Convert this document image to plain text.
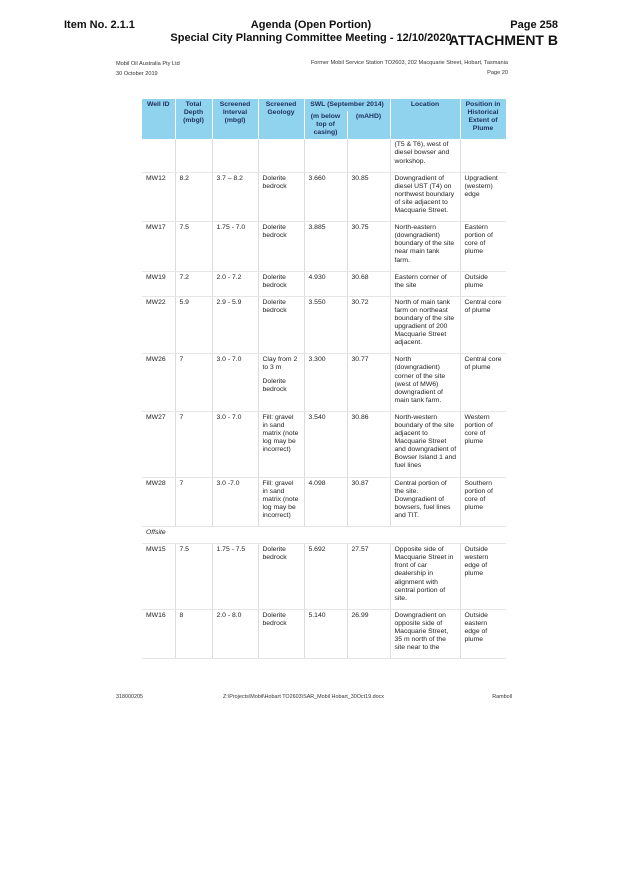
Item No. 2.1.1	Agenda (Open Portion)
Special City Planning Committee Meeting - 12/10/2020
Page 258
ATTACHMENT B
Mobil Oil Australia Pty Ltd
30 October 2019
Former Mobil Service Station TO2603, 202 Macquarie Street, Hobart, Tasmania
Page 20
Well ID	Total Depth (mbgl)	Screened Interval (mbgl)	Screened Geology	SWL (September 2014)		Location	Position in Historical Extent of Plume
				(m below top of casing)	(mAHD)		
						(T5 & T6), west of diesel bowser and workshop.	
MW12	8.2	3.7 – 8.2	Dolerite bedrock	3.660	30.85	Downgradient of diesel UST (T4) on northwest boundary of site adjacent to Macquarie Street.	Upgradient (western) edge
MW17	7.5	1.75 - 7.0	Dolerite bedrock	3.885	30.75	North-eastern (downgradient) boundary of the site near main tank farm.	Eastern portion of core of plume
MW19	7.2	2.0 - 7.2	Dolerite bedrock	4.930	30.68	Eastern corner of the site	Outside plume
MW22	5.9	2.9 - 5.9	Dolerite bedrock	3.550	30.72	North of main tank farm on northeast boundary of the site upgradient of 200 Macquarie Street adjacent.	Central core of plume
MW26	7	3.0 - 7.0	Clay from 2 to 3 m
Dolerite bedrock	3.300	30.77	North (downgradient) corner of the site (west of MW6) downgradient of main tank farm.	Central core of plume
MW27	7	3.0 - 7.0	Fill: gravel in sand matrix (note log may be incorrect)	3.540	30.86	North-western boundary of the site adjacent to Macquarie Street and downgradient of Bowser Island 1 and fuel lines	Western portion of core of plume
MW28	7	3.0 -7.0	Fill: gravel in sand matrix (note log may be incorrect)	4.098	30.87	Central portion of the site. Downgradient of bowsers, fuel lines and TIT.	Southern portion of core of plume
Offsite							
MW15	7.5	1.75 - 7.5	Dolerite bedrock	5.692	27.57	Opposite side of Macquarie Street in front of car dealership in alignment with central portion of site.	Outside western edge of plume
MW16	8	2.0 - 8.0	Dolerite bedrock	5.140	26.99	Downgradient on opposite side of Macquarie Street, 35 m north of the site near to the	Outside eastern edge of plume
318000205	Z:\Projects\Mobil\Hobart TO2603\SAR_Mobil Hobart_30Oct19.docx	Ramboll
